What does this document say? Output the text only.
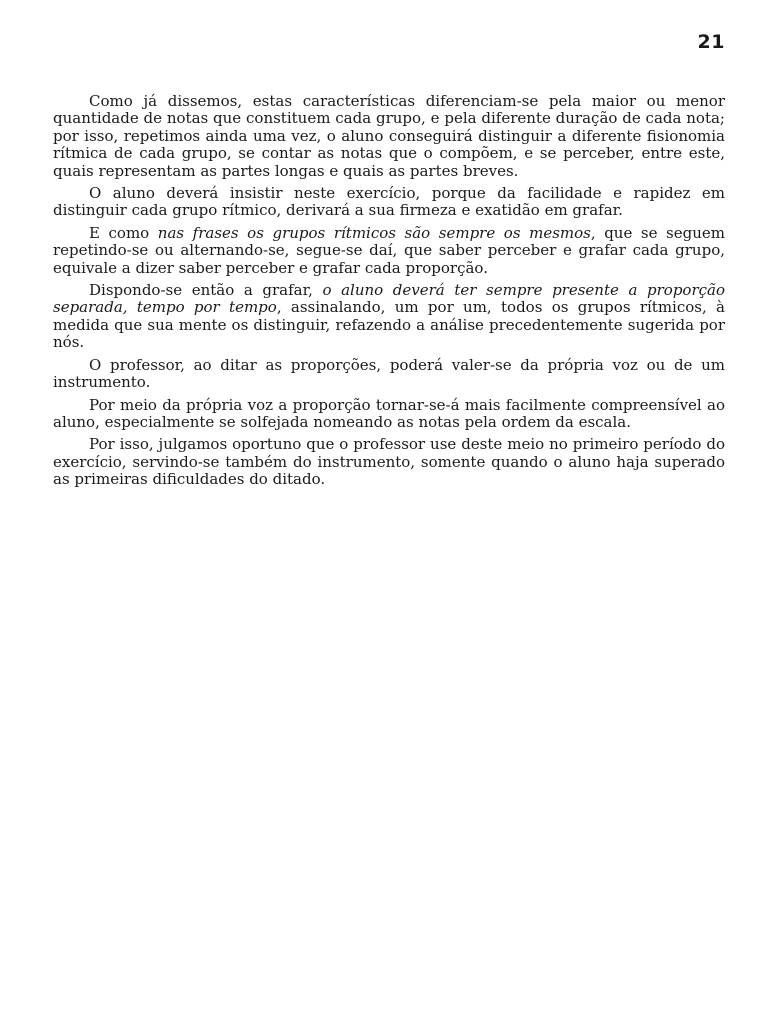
21

Como já dissemos, estas características diferenciam-se pela maior ou menor quantidade de notas que constituem cada grupo, e pela diferente duração de cada nota; por isso, repetimos ainda uma vez, o aluno conseguirá distinguir a diferente fisionomia rítmica de cada grupo, se contar as notas que o compõem, e se perceber, entre este, quais representam as partes longas e quais as partes breves.

O aluno deverá insistir neste exercício, porque da facilidade e rapidez em distinguir cada grupo rítmico, derivará a sua firmeza e exatidão em grafar.

E como nas frases os grupos rítmicos são sempre os mesmos, que se seguem repetindo-se ou alternando-se, segue-se daí, que saber perceber e grafar cada grupo, equivale a dizer saber perceber e grafar cada proporção.

Dispondo-se então a grafar, o aluno deverá ter sempre presente a proporção separada, tempo por tempo, assinalando, um por um, todos os grupos rítmicos, à medida que sua mente os distinguir, refazendo a análise precedentemente sugerida por nós.

O professor, ao ditar as proporções, poderá valer-se da própria voz ou de um instrumento.

Por meio da própria voz a proporção tornar-se-á mais facilmente compreensível ao aluno, especialmente se solfejada nomeando as notas pela ordem da escala.

Por isso, julgamos oportuno que o professor use deste meio no primeiro período do exercício, servindo-se também do instrumento, somente quando o aluno haja superado as primeiras dificuldades do ditado.
